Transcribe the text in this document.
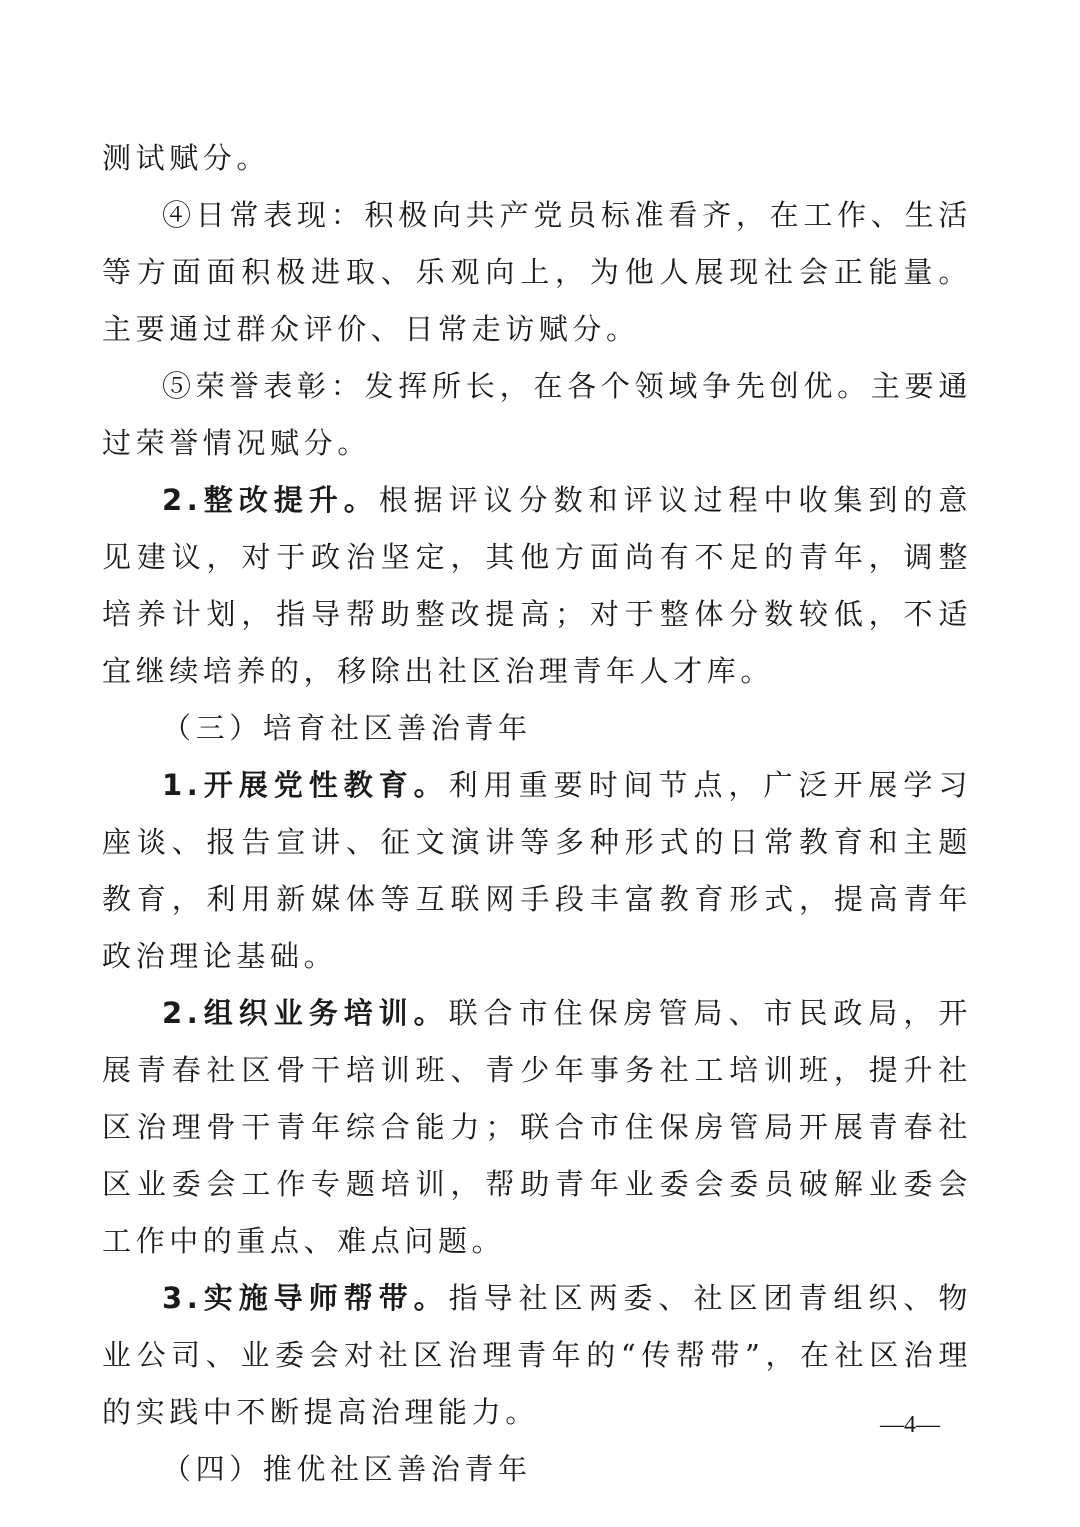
测试赋分。

④日常表现：积极向共产党员标准看齐，在工作、生活等方面面积极进取、乐观向上，为他人展现社会正能量。主要通过群众评价、日常走访赋分。

⑤荣誉表彰：发挥所长，在各个领域争先创优。主要通过荣誉情况赋分。

2.整改提升。根据评议分数和评议过程中收集到的意见建议，对于政治坚定，其他方面尚有不足的青年，调整培养计划，指导帮助整改提高；对于整体分数较低，不适宜继续培养的，移除出社区治理青年人才库。

（三）培育社区善治青年

1.开展党性教育。利用重要时间节点，广泛开展学习座谈、报告宣讲、征文演讲等多种形式的日常教育和主题教育，利用新媒体等互联网手段丰富教育形式，提高青年政治理论基础。

2.组织业务培训。联合市住保房管局、市民政局，开展青春社区骨干培训班、青少年事务社工培训班，提升社区治理骨干青年综合能力；联合市住保房管局开展青春社区业委会工作专题培训，帮助青年业委会委员破解业委会工作中的重点、难点问题。

3.实施导师帮带。指导社区两委、社区团青组织、物业公司、业委会对社区治理青年的“传帮带”，在社区治理的实践中不断提高治理能力。

（四）推优社区善治青年

—4—
